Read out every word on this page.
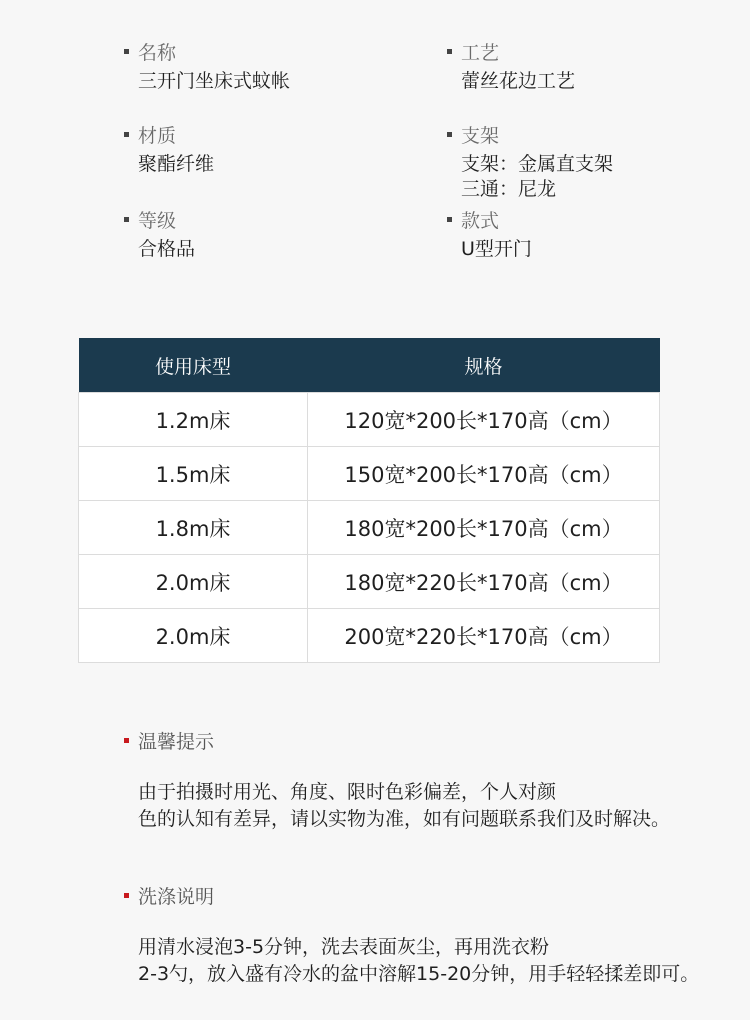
名称
三开门坐床式蚊帐
工艺
蕾丝花边工艺
材质
聚酯纤维
支架
支架：金属直支架
三通：尼龙
等级
合格品
款式
U型开门
使用床型	规格
1.2m床	120宽*200长*170高（cm）
1.5m床	150宽*200长*170高（cm）
1.8m床	180宽*200长*170高（cm）
2.0m床	180宽*220长*170高（cm）
2.0m床	200宽*220长*170高（cm）
温馨提示
由于拍摄时用光、角度、限时色彩偏差，个人对颜
色的认知有差异，请以实物为准，如有问题联系我们及时解决。
洗涤说明
用清水浸泡3-5分钟，洗去表面灰尘，再用洗衣粉
2-3勺，放入盛有冷水的盆中溶解15-20分钟，用手轻轻揉差即可。
